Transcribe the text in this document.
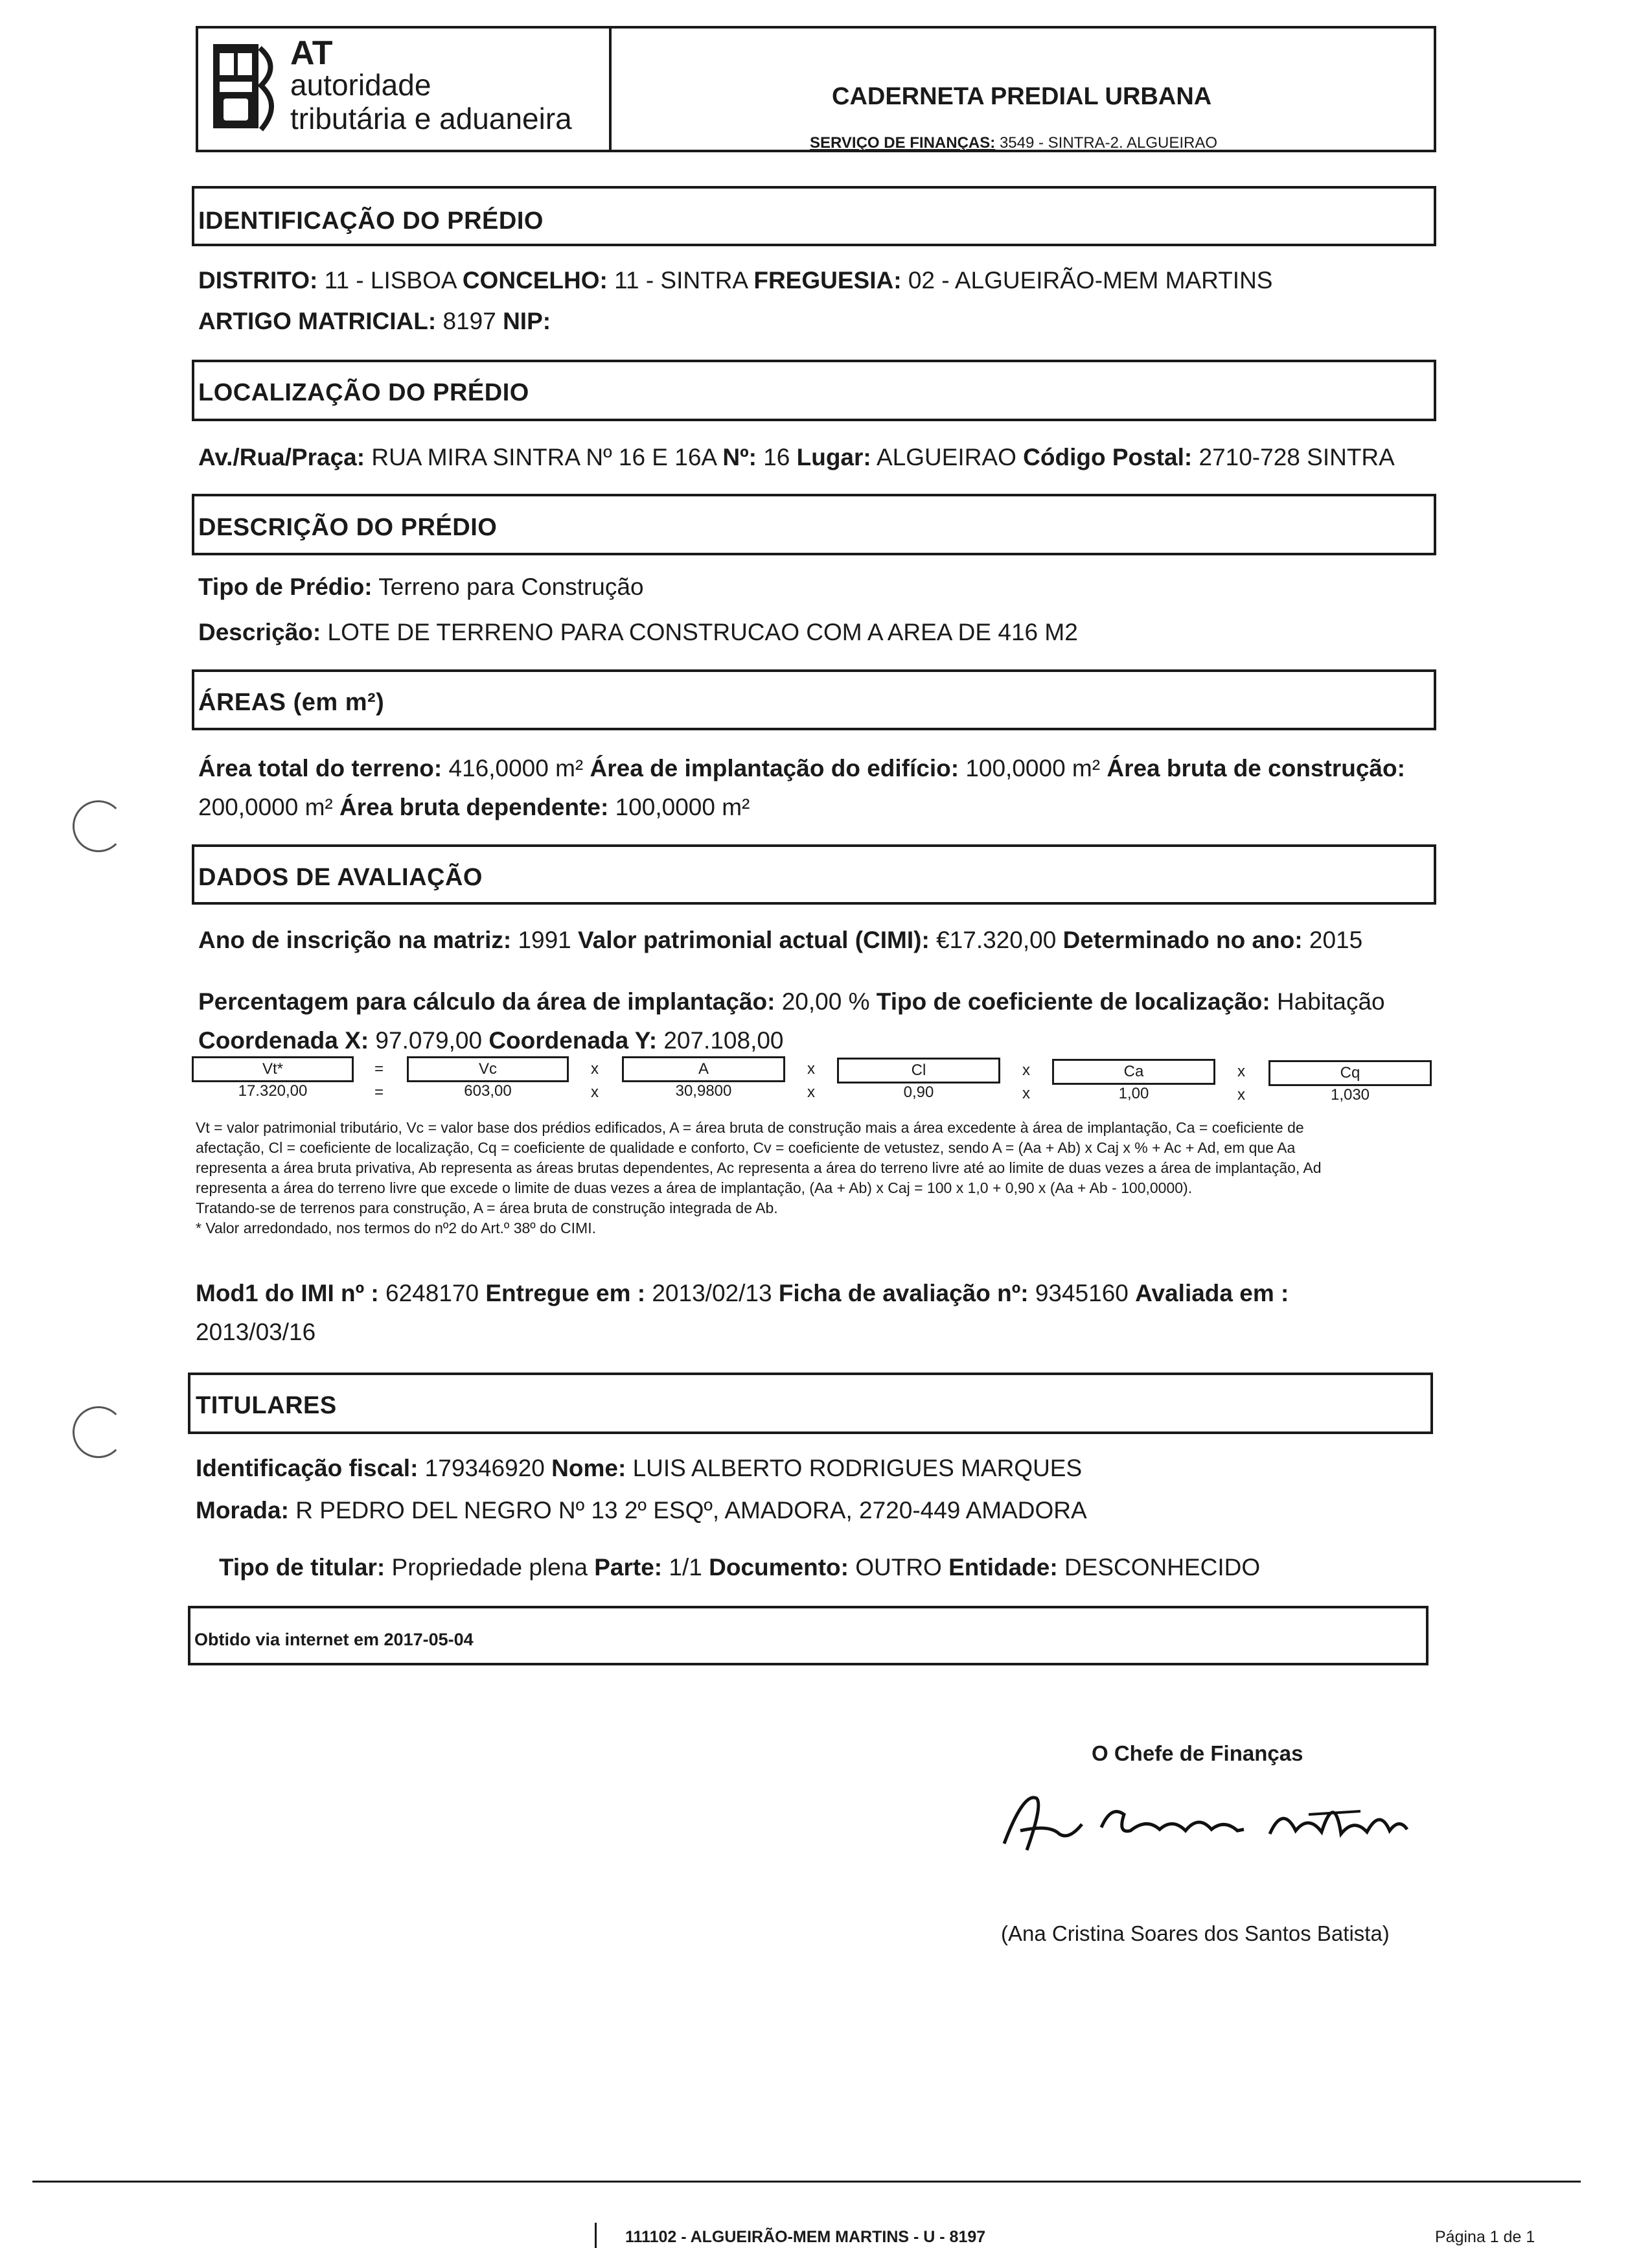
AT
autoridade
tributária e aduaneira
CADERNETA PREDIAL URBANA
SERVIÇO DE FINANÇAS: 3549 - SINTRA-2. ALGUEIRAO
IDENTIFICAÇÃO DO PRÉDIO
DISTRITO: 11 - LISBOA CONCELHO: 11 - SINTRA FREGUESIA: 02 - ALGUEIRÃO-MEM MARTINS
ARTIGO MATRICIAL: 8197 NIP:
LOCALIZAÇÃO DO PRÉDIO
Av./Rua/Praça: RUA MIRA SINTRA Nº 16 E 16A Nº: 16 Lugar: ALGUEIRAO Código Postal: 2710-728 SINTRA
DESCRIÇÃO DO PRÉDIO
Tipo de Prédio: Terreno para Construção
Descrição: LOTE DE TERRENO PARA CONSTRUCAO COM A AREA DE 416 M2
ÁREAS (em m²)
Área total do terreno: 416,0000 m² Área de implantação do edifício: 100,0000 m² Área bruta de construção:
200,0000 m² Área bruta dependente: 100,0000 m²
DADOS DE AVALIAÇÃO
Ano de inscrição na matriz: 1991 Valor patrimonial actual (CIMI): €17.320,00 Determinado no ano: 2015
Percentagem para cálculo da área de implantação: 20,00 % Tipo de coeficiente de localização: Habitação
Coordenada X: 97.079,00 Coordenada Y: 207.108,00
Vt*
17.320,00
=
=
Vc
603,00
x
x
A
30,9800
x
x
Cl
0,90
x
x
Ca
1,00
x
x
Cq
1,030
Vt = valor patrimonial tributário, Vc = valor base dos prédios edificados, A = área bruta de construção mais a área excedente à área de implantação, Ca = coeficiente de
afectação, Cl = coeficiente de localização, Cq = coeficiente de qualidade e conforto, Cv = coeficiente de vetustez, sendo A = (Aa + Ab) x Caj x % + Ac + Ad, em que Aa
representa a área bruta privativa, Ab representa as áreas brutas dependentes, Ac representa a área do terreno livre até ao limite de duas vezes a área de implantação, Ad
representa a área do terreno livre que excede o limite de duas vezes a área de implantação, (Aa + Ab) x Caj = 100 x 1,0 + 0,90 x (Aa + Ab - 100,0000).
Tratando-se de terrenos para construção, A = área bruta de construção integrada de Ab.
* Valor arredondado, nos termos do nº2 do Art.º 38º do CIMI.
Mod1 do IMI nº : 6248170 Entregue em : 2013/02/13 Ficha de avaliação nº: 9345160 Avaliada em :
2013/03/16
TITULARES
Identificação fiscal: 179346920 Nome: LUIS ALBERTO RODRIGUES MARQUES
Morada: R PEDRO DEL NEGRO Nº 13 2º ESQº, AMADORA, 2720-449 AMADORA
Tipo de titular: Propriedade plena Parte: 1/1 Documento: OUTRO Entidade: DESCONHECIDO
Obtido via internet em 2017-05-04
O Chefe de Finanças
(Ana Cristina Soares dos Santos Batista)
111102 - ALGUEIRÃO-MEM MARTINS - U - 8197	Página 1 de 1
